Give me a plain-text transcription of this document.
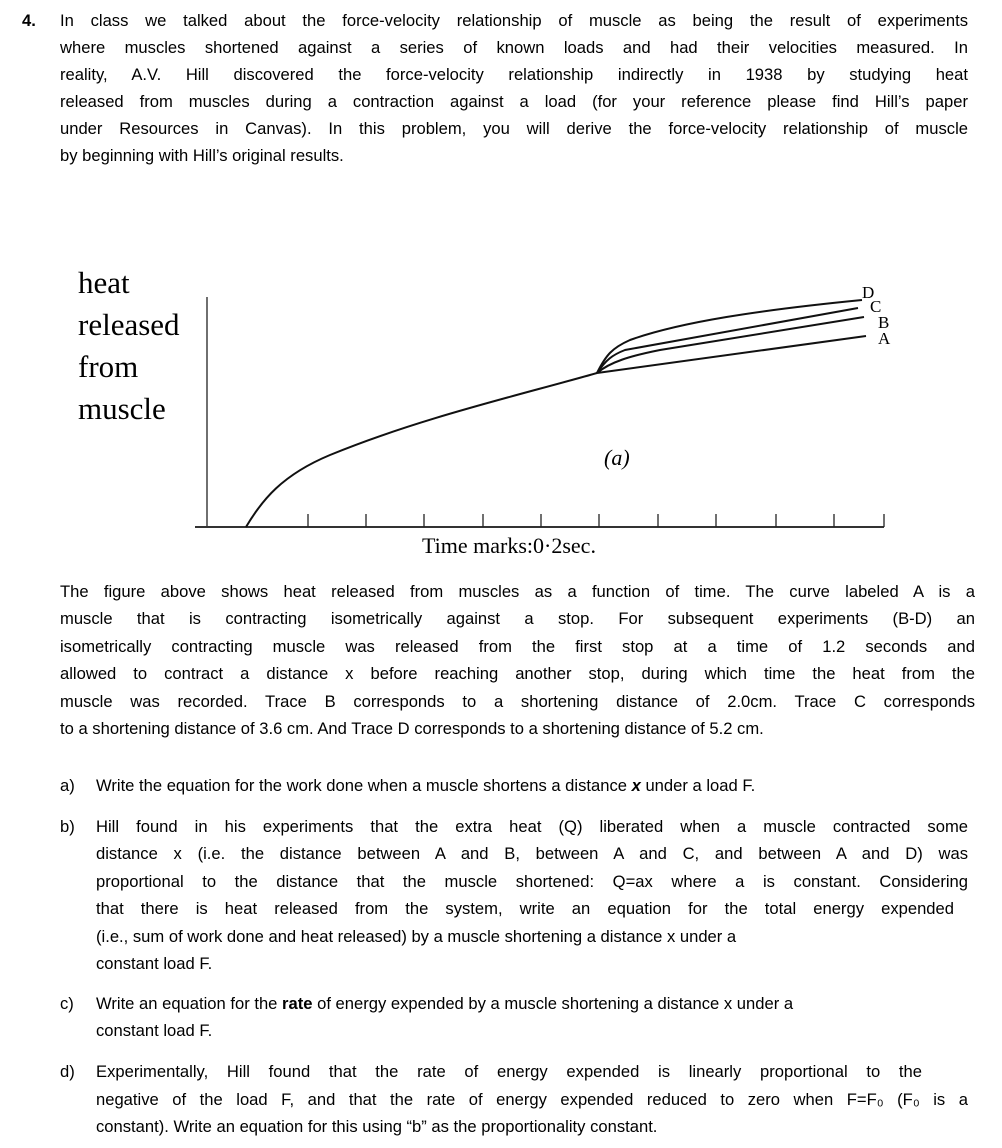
4. In class we talked about the force-velocity relationship of muscle as being the result of experiments
where muscles shortened against a series of known loads and had their velocities measured. In
reality, A.V. Hill discovered the force-velocity relationship indirectly in 1938 by studying heat
released from muscles during a contraction against a load (for your reference please find Hill’s paper
under Resources in Canvas). In this problem, you will derive the force-velocity relationship of muscle
by beginning with Hill’s original results.
heat
released
from
muscle
(a)
Time marks:0·2sec.
D
C
B
A
The figure above shows heat released from muscles as a function of time. The curve labeled A is a
muscle that is contracting isometrically against a stop. For subsequent experiments (B-D) an
isometrically contracting muscle was released from the first stop at a time of 1.2 seconds and
allowed to contract a distance x before reaching another stop, during which time the heat from the
muscle was recorded. Trace B corresponds to a shortening distance of 2.0cm. Trace C corresponds
to a shortening distance of 3.6 cm. And Trace D corresponds to a shortening distance of 5.2 cm.
a) Write the equation for the work done when a muscle shortens a distance x under a load F.
b) Hill found in his experiments that the extra heat (Q) liberated when a muscle contracted some
distance x (i.e. the distance between A and B, between A and C, and between A and D) was
proportional to the distance that the muscle shortened: Q=ax where a is constant. Considering
that there is heat released from the system, write an equation for the total energy expended
(i.e., sum of work done and heat released) by a muscle shortening a distance x under a
constant load F.
c) Write an equation for the rate of energy expended by a muscle shortening a distance x under a
constant load F.
d) Experimentally, Hill found that the rate of energy expended is linearly proportional to the
negative of the load F, and that the rate of energy expended reduced to zero when F=F₀ (F₀ is a
constant). Write an equation for this using “b” as the proportionality constant.
